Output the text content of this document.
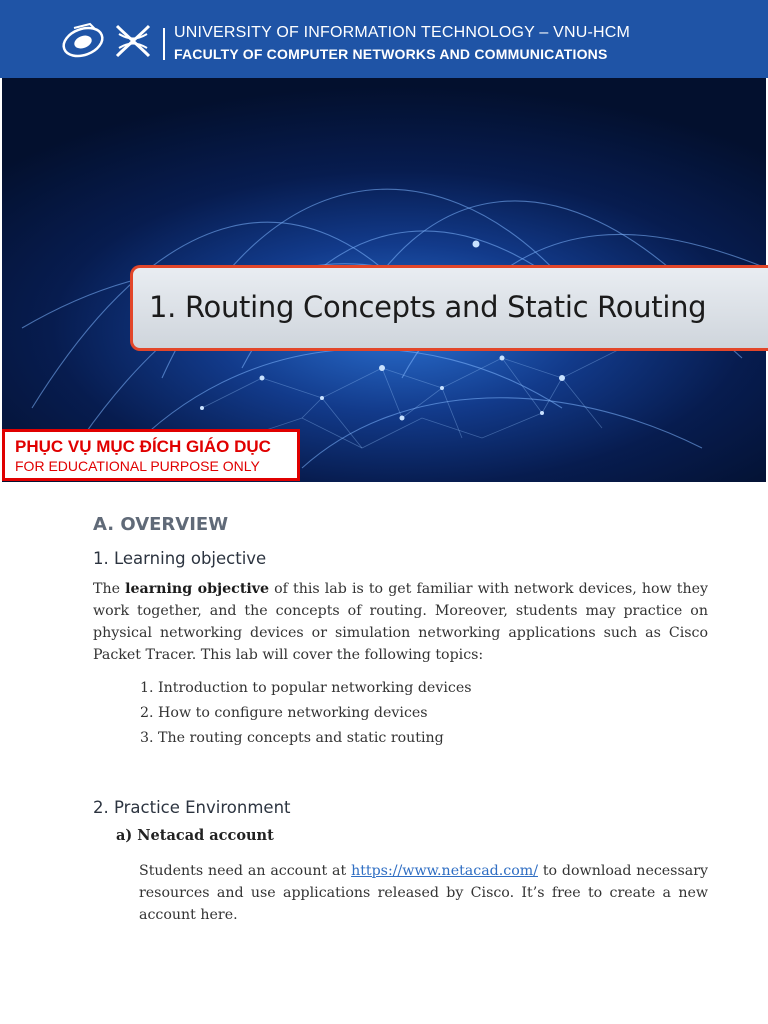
UNIVERSITY OF INFORMATION TECHNOLOGY – VNU-HCM
FACULTY OF COMPUTER NETWORKS AND COMMUNICATIONS
1. Routing Concepts and Static Routing
PHỤC VỤ MỤC ĐÍCH GIÁO DỤC
FOR EDUCATIONAL PURPOSE ONLY
A. OVERVIEW
1. Learning objective
The learning objective of this lab is to get familiar with network devices, how they work together, and the concepts of routing. Moreover, students may practice on physical networking devices or simulation networking applications such as Cisco Packet Tracer. This lab will cover the following topics:
1. Introduction to popular networking devices
2. How to configure networking devices
3. The routing concepts and static routing
2. Practice Environment
a) Netacad account
Students need an account at https://www.netacad.com/ to download necessary resources and use applications released by Cisco. It’s free to create a new account here.
